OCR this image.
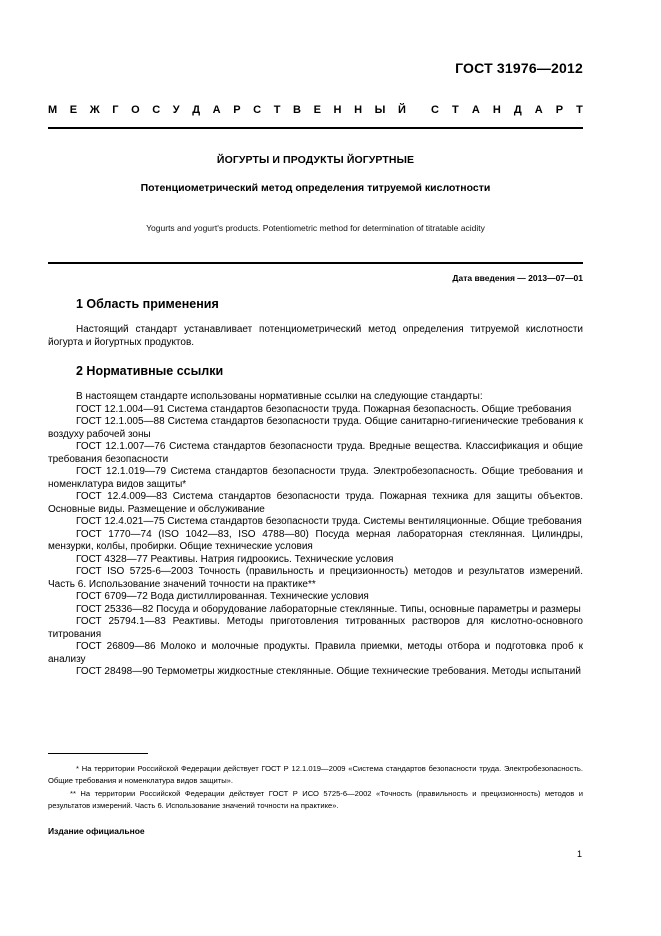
ГОСТ 31976—2012
М Е Ж Г О С У Д А Р С Т В Е Н Н Ы Й С Т А Н Д А Р Т
ЙОГУРТЫ И ПРОДУКТЫ ЙОГУРТНЫЕ
Потенциометрический метод определения титруемой кислотности
Yogurts and yogurt's products. Potentiometric method for determination of titratable acidity
Дата введения — 2013—07—01
1 Область применения
Настоящий стандарт устанавливает потенциометрический метод определения титруемой кислотности йогурта и йогуртных продуктов.
2 Нормативные ссылки
В настоящем стандарте использованы нормативные ссылки на следующие стандарты:
ГОСТ 12.1.004—91 Система стандартов безопасности труда. Пожарная безопасность. Общие требования
ГОСТ 12.1.005—88 Система стандартов безопасности труда. Общие санитарно-гигиенические требования к воздуху рабочей зоны
ГОСТ 12.1.007—76 Система стандартов безопасности труда. Вредные вещества. Классификация и общие требования безопасности
ГОСТ 12.1.019—79 Система стандартов безопасности труда. Электробезопасность. Общие требования и номенклатура видов защиты*
ГОСТ 12.4.009—83 Система стандартов безопасности труда. Пожарная техника для защиты объектов. Основные виды. Размещение и обслуживание
ГОСТ 12.4.021—75 Система стандартов безопасности труда. Системы вентиляционные. Общие требования
ГОСТ 1770—74 (ISO 1042—83, ISO 4788—80) Посуда мерная лабораторная стеклянная. Цилиндры, мензурки, колбы, пробирки. Общие технические условия
ГОСТ 4328—77 Реактивы. Натрия гидроокись. Технические условия
ГОСТ ISO 5725-6—2003 Точность (правильность и прецизионность) методов и результатов измерений. Часть 6. Использование значений точности на практике**
ГОСТ 6709—72 Вода дистиллированная. Технические условия
ГОСТ 25336—82 Посуда и оборудование лабораторные стеклянные. Типы, основные параметры и размеры
ГОСТ 25794.1—83 Реактивы. Методы приготовления титрованных растворов для кислотно-основного титрования
ГОСТ 26809—86 Молоко и молочные продукты. Правила приемки, методы отбора и подготовка проб к анализу
ГОСТ 28498—90 Термометры жидкостные стеклянные. Общие технические требования. Методы испытаний
* На территории Российской Федерации действует ГОСТ Р 12.1.019—2009 «Система стандартов безопасности труда. Электробезопасность. Общие требования и номенклатура видов защиты».
** На территории Российской Федерации действует ГОСТ Р ИСО 5725-6—2002 «Точность (правильность и прецизионность) методов и результатов измерений. Часть 6. Использование значений точности на практике».
Издание официальное
1
